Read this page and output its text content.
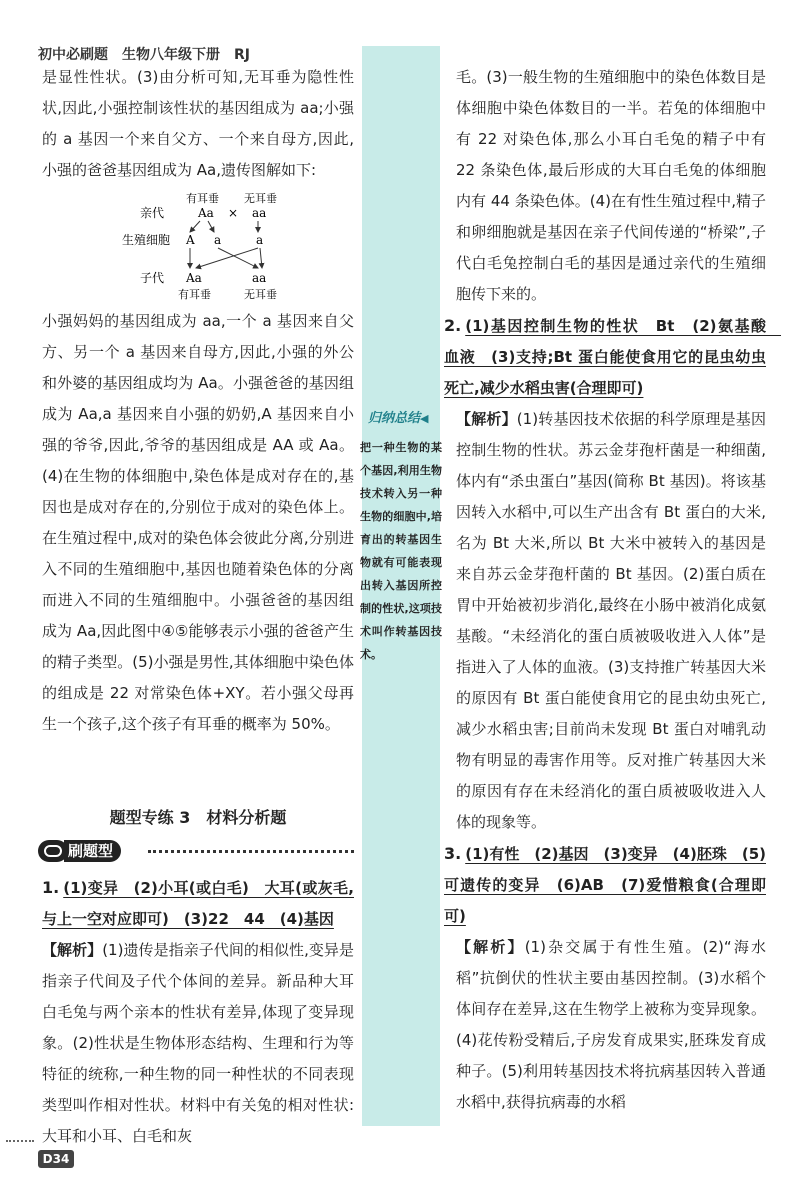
初中必刷题　生物八年级下册　RJ
归纳总结◀
把一种生物的某个基因,利用生物技术转入另一种生物的细胞中,培育出的转基因生物就有可能表现出转入基因所控制的性状,这项技术叫作转基因技术。

是显性性状。(3)由分析可知,无耳垂为隐性性状,因此,小强控制该性状的基因组成为 aa;小强的 a 基因一个来自父方、一个来自母方,因此,小强的爸爸基因组成为 Aa,遗传图解如下:

小强妈妈的基因组成为 aa,一个 a 基因来自父方、另一个 a 基因来自母方,因此,小强的外公和外婆的基因组成均为 Aa。小强爸爸的基因组成为 Aa,a 基因来自小强的奶奶,A 基因来自小强的爷爷,因此,爷爷的基因组成是 AA 或 Aa。(4)在生物的体细胞中,染色体是成对存在的,基因也是成对存在的,分别位于成对的染色体上。在生殖过程中,成对的染色体会彼此分离,分别进入不同的生殖细胞中,基因也随着染色体的分离而进入不同的生殖细胞中。小强爸爸的基因组成为 Aa,因此图中④⑤能够表示小强的爸爸产生的精子类型。(5)小强是男性,其体细胞中染色体的组成是 22 对常染色体+XY。若小强父母再生一个孩子,这个孩子有耳垂的概率为 50%。

有耳垂 无耳垂
亲代	Aa × aa
生殖细胞 A a	a
子代 Aa	aa
有耳垂	无耳垂
题型专练 3　材料分析题
刷题型

1. (1)变异　(2)小耳(或白毛)　大耳(或灰毛,与上一空对应即可)　(3)22　44　(4)基因

【解析】(1)遗传是指亲子代间的相似性,变异是指亲子代间及子代个体间的差异。新品种大耳白毛兔与两个亲本的性状有差异,体现了变异现象。(2)性状是生物体形态结构、生理和行为等特征的统称,一种生物的同一种性状的不同表现类型叫作相对性状。材料中有关兔的相对性状:大耳和小耳、白毛和灰

毛。(3)一般生物的生殖细胞中的染色体数目是体细胞中染色体数目的一半。若兔的体细胞中有 22 对染色体,那么小耳白毛兔的精子中有 22 条染色体,最后形成的大耳白毛兔的体细胞内有 44 条染色体。(4)在有性生殖过程中,精子和卵细胞就是基因在亲子代间传递的“桥梁”,子代白毛兔控制白毛的基因是通过亲代的生殖细胞传下来的。

2. (1)基因控制生物的性状　Bt　(2)氨基酸　血液　(3)支持;Bt 蛋白能使食用它的昆虫幼虫死亡,减少水稻虫害(合理即可)

【解析】(1)转基因技术依据的科学原理是基因控制生物的性状。苏云金芽孢杆菌是一种细菌,体内有“杀虫蛋白”基因(简称 Bt 基因)。将该基因转入水稻中,可以生产出含有 Bt 蛋白的大米,名为 Bt 大米,所以 Bt 大米中被转入的基因是来自苏云金芽孢杆菌的 Bt 基因。(2)蛋白质在胃中开始被初步消化,最终在小肠中被消化成氨基酸。“未经消化的蛋白质被吸收进入人体”是指进入了人体的血液。(3)支持推广转基因大米的原因有 Bt 蛋白能使食用它的昆虫幼虫死亡,减少水稻虫害;目前尚未发现 Bt 蛋白对哺乳动物有明显的毒害作用等。反对推广转基因大米的原因有存在未经消化的蛋白质被吸收进入人体的现象等。

3. (1)有性　(2)基因　(3)变异　(4)胚珠　(5)可遗传的变异　(6)AB　(7)爱惜粮食(合理即可)

【解析】(1)杂交属于有性生殖。(2)“海水稻”抗倒伏的性状主要由基因控制。(3)水稻个体间存在差异,这在生物学上被称为变异现象。(4)花传粉受精后,子房发育成果实,胚珠发育成种子。(5)利用转基因技术将抗病基因转入普通水稻中,获得抗病毒的水稻

D34
